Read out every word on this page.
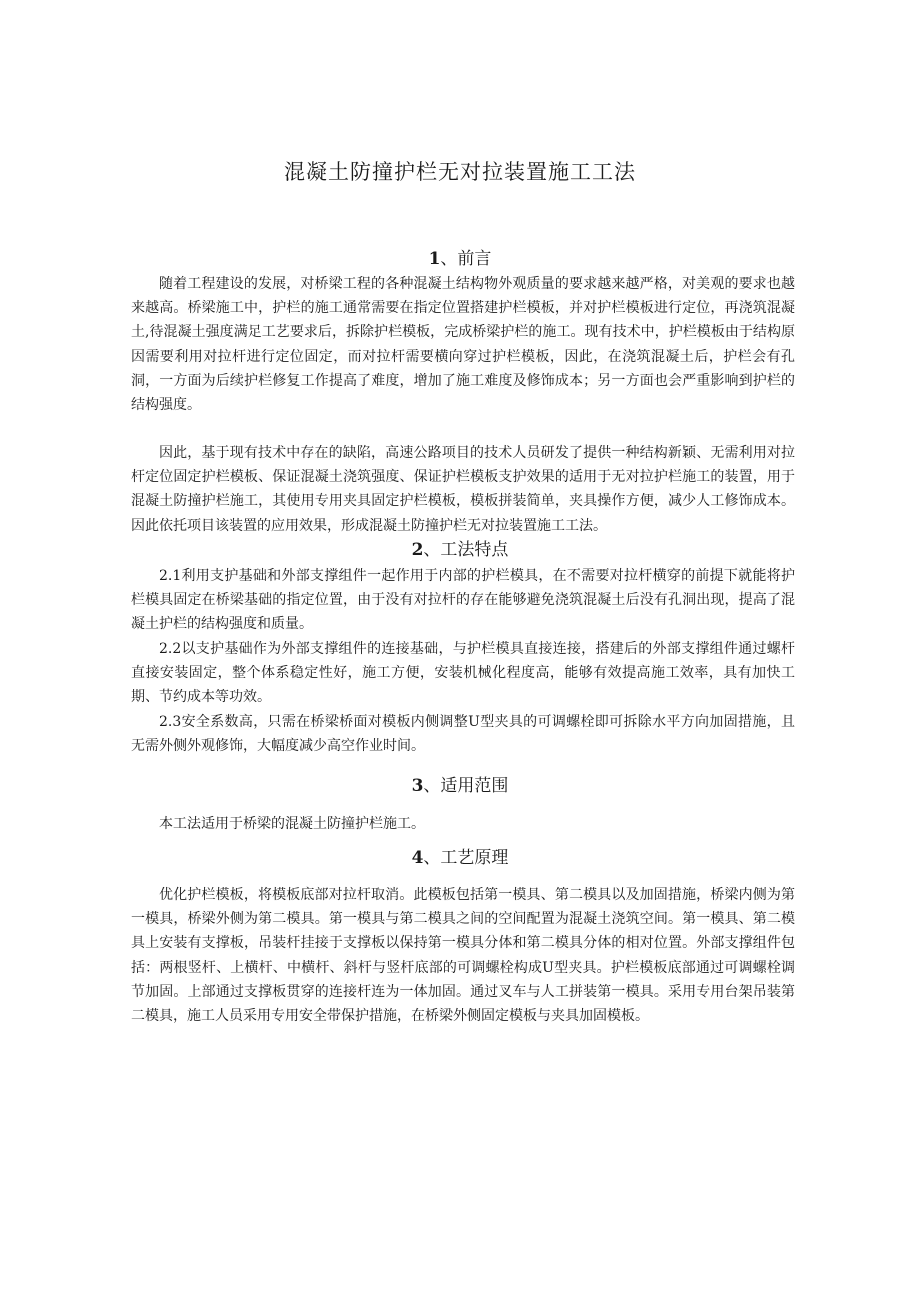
混凝土防撞护栏无对拉装置施工工法
1、前言

随着工程建设的发展，对桥梁工程的各种混凝土结构物外观质量的要求越来越严格，对美观的要求也越来越高。桥梁施工中，护栏的施工通常需要在指定位置搭建护栏模板，并对护栏模板进行定位，再浇筑混凝土,待混凝土强度满足工艺要求后，拆除护栏模板，完成桥梁护栏的施工。现有技术中，护栏模板由于结构原因需要利用对拉杆进行定位固定，而对拉杆需要横向穿过护栏模板，因此，在浇筑混凝土后，护栏会有孔洞，一方面为后续护栏修复工作提高了难度，增加了施工难度及修饰成本；另一方面也会严重影响到护栏的结构强度。

因此，基于现有技术中存在的缺陷，高速公路项目的技术人员研发了提供一种结构新颖、无需利用对拉杆定位固定护栏模板、保证混凝土浇筑强度、保证护栏模板支护效果的适用于无对拉护栏施工的装置，用于混凝土防撞护栏施工，其使用专用夹具固定护栏模板，模板拼装简单，夹具操作方便，减少人工修饰成本。因此依托项目该装置的应用效果，形成混凝土防撞护栏无对拉装置施工工法。

2、工法特点

2.1利用支护基础和外部支撑组件一起作用于内部的护栏模具，在不需要对拉杆横穿的前提下就能将护栏模具固定在桥梁基础的指定位置，由于没有对拉杆的存在能够避免浇筑混凝土后没有孔洞出现，提高了混凝土护栏的结构强度和质量。

2.2以支护基础作为外部支撑组件的连接基础，与护栏模具直接连接，搭建后的外部支撑组件通过螺杆直接安装固定，整个体系稳定性好，施工方便，安装机械化程度高，能够有效提高施工效率，具有加快工期、节约成本等功效。

2.3安全系数高，只需在桥梁桥面对模板内侧调整U型夹具的可调螺栓即可拆除水平方向加固措施，且无需外侧外观修饰，大幅度减少高空作业时间。

3、适用范围

本工法适用于桥梁的混凝土防撞护栏施工。

4、工艺原理

优化护栏模板，将模板底部对拉杆取消。此模板包括第一模具、第二模具以及加固措施，桥梁内侧为第一模具，桥梁外侧为第二模具。第一模具与第二模具之间的空间配置为混凝土浇筑空间。第一模具、第二模具上安装有支撑板，吊装杆挂接于支撑板以保持第一模具分体和第二模具分体的相对位置。外部支撑组件包括：两根竖杆、上横杆、中横杆、斜杆与竖杆底部的可调螺栓构成U型夹具。护栏模板底部通过可调螺栓调节加固。上部通过支撑板贯穿的连接杆连为一体加固。通过叉车与人工拼装第一模具。采用专用台架吊装第二模具，施工人员采用专用安全带保护措施，在桥梁外侧固定模板与夹具加固模板。
